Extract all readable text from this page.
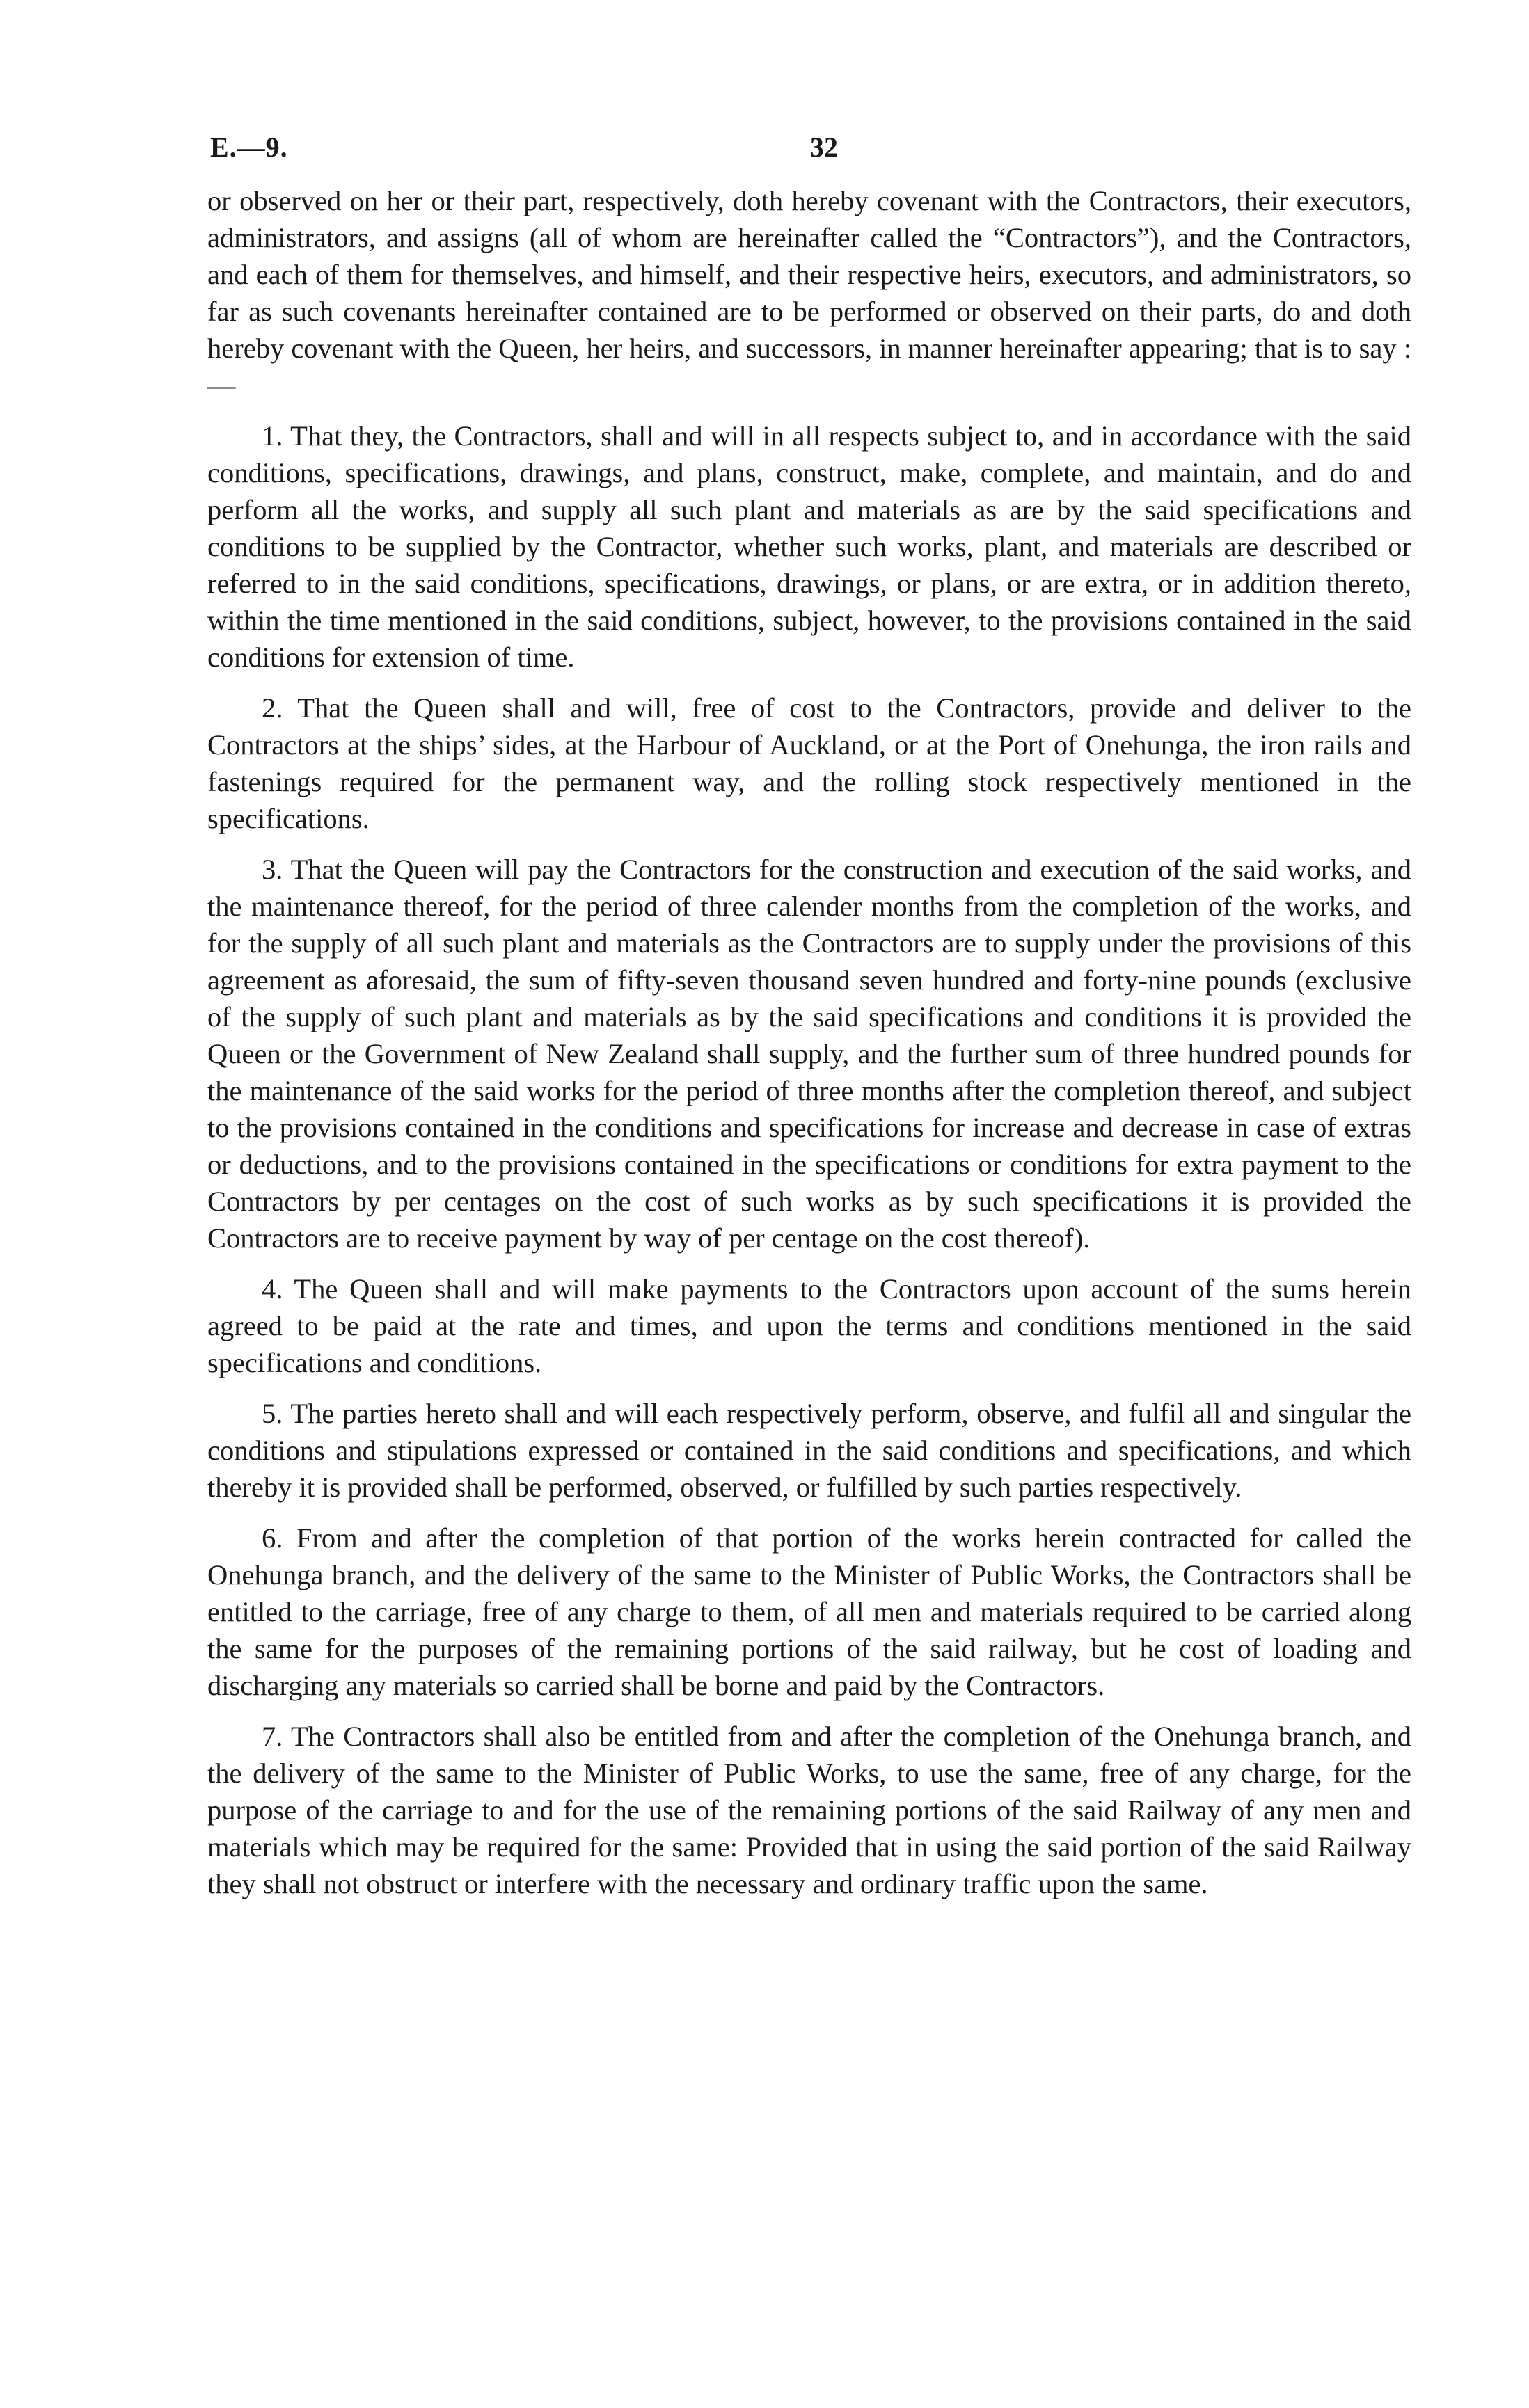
E.—9.	32

or observed on her or their part, respectively, doth hereby covenant with the Contractors, their executors, administrators, and assigns (all of whom are hereinafter called the “Contractors”), and the Contractors, and each of them for themselves, and himself, and their respective heirs, executors, and administrators, so far as such covenants hereinafter contained are to be performed or observed on their parts, do and doth hereby covenant with the Queen, her heirs, and successors, in manner hereinafter appearing; that is to say :—

1. That they, the Contractors, shall and will in all respects subject to, and in accordance with the said conditions, specifications, drawings, and plans, construct, make, complete, and maintain, and do and perform all the works, and supply all such plant and materials as are by the said specifications and conditions to be supplied by the Contractor, whether such works, plant, and materials are described or referred to in the said conditions, specifications, drawings, or plans, or are extra, or in addition thereto, within the time mentioned in the said conditions, subject, however, to the provisions contained in the said conditions for extension of time.

2. That the Queen shall and will, free of cost to the Contractors, provide and deliver to the Contractors at the ships’ sides, at the Harbour of Auckland, or at the Port of Onehunga, the iron rails and fastenings required for the permanent way, and the rolling stock respectively mentioned in the specifications.

3. That the Queen will pay the Contractors for the construction and execution of the said works, and the maintenance thereof, for the period of three calender months from the completion of the works, and for the supply of all such plant and materials as the Contractors are to supply under the provisions of this agreement as aforesaid, the sum of fifty-seven thousand seven hundred and forty-nine pounds (exclusive of the supply of such plant and materials as by the said specifications and conditions it is provided the Queen or the Government of New Zealand shall supply, and the further sum of three hundred pounds for the maintenance of the said works for the period of three months after the completion thereof, and subject to the provisions contained in the conditions and specifications for increase and decrease in case of extras or deductions, and to the provisions contained in the specifications or conditions for extra payment to the Contractors by per centages on the cost of such works as by such specifications it is provided the Contractors are to receive payment by way of per centage on the cost thereof).

4. The Queen shall and will make payments to the Contractors upon account of the sums herein agreed to be paid at the rate and times, and upon the terms and conditions mentioned in the said specifications and conditions.

5. The parties hereto shall and will each respectively perform, observe, and fulfil all and singular the conditions and stipulations expressed or contained in the said conditions and specifications, and which thereby it is provided shall be performed, observed, or fulfilled by such parties respectively.

6. From and after the completion of that portion of the works herein contracted for called the Onehunga branch, and the delivery of the same to the Minister of Public Works, the Contractors shall be entitled to the carriage, free of any charge to them, of all men and materials required to be carried along the same for the purposes of the remaining portions of the said railway, but he cost of loading and discharging any materials so carried shall be borne and paid by the Contractors.

7. The Contractors shall also be entitled from and after the completion of the Onehunga branch, and the delivery of the same to the Minister of Public Works, to use the same, free of any charge, for the purpose of the carriage to and for the use of the remaining portions of the said Railway of any men and materials which may be required for the same: Provided that in using the said portion of the said Railway they shall not obstruct or interfere with the necessary and ordinary traffic upon the same.
